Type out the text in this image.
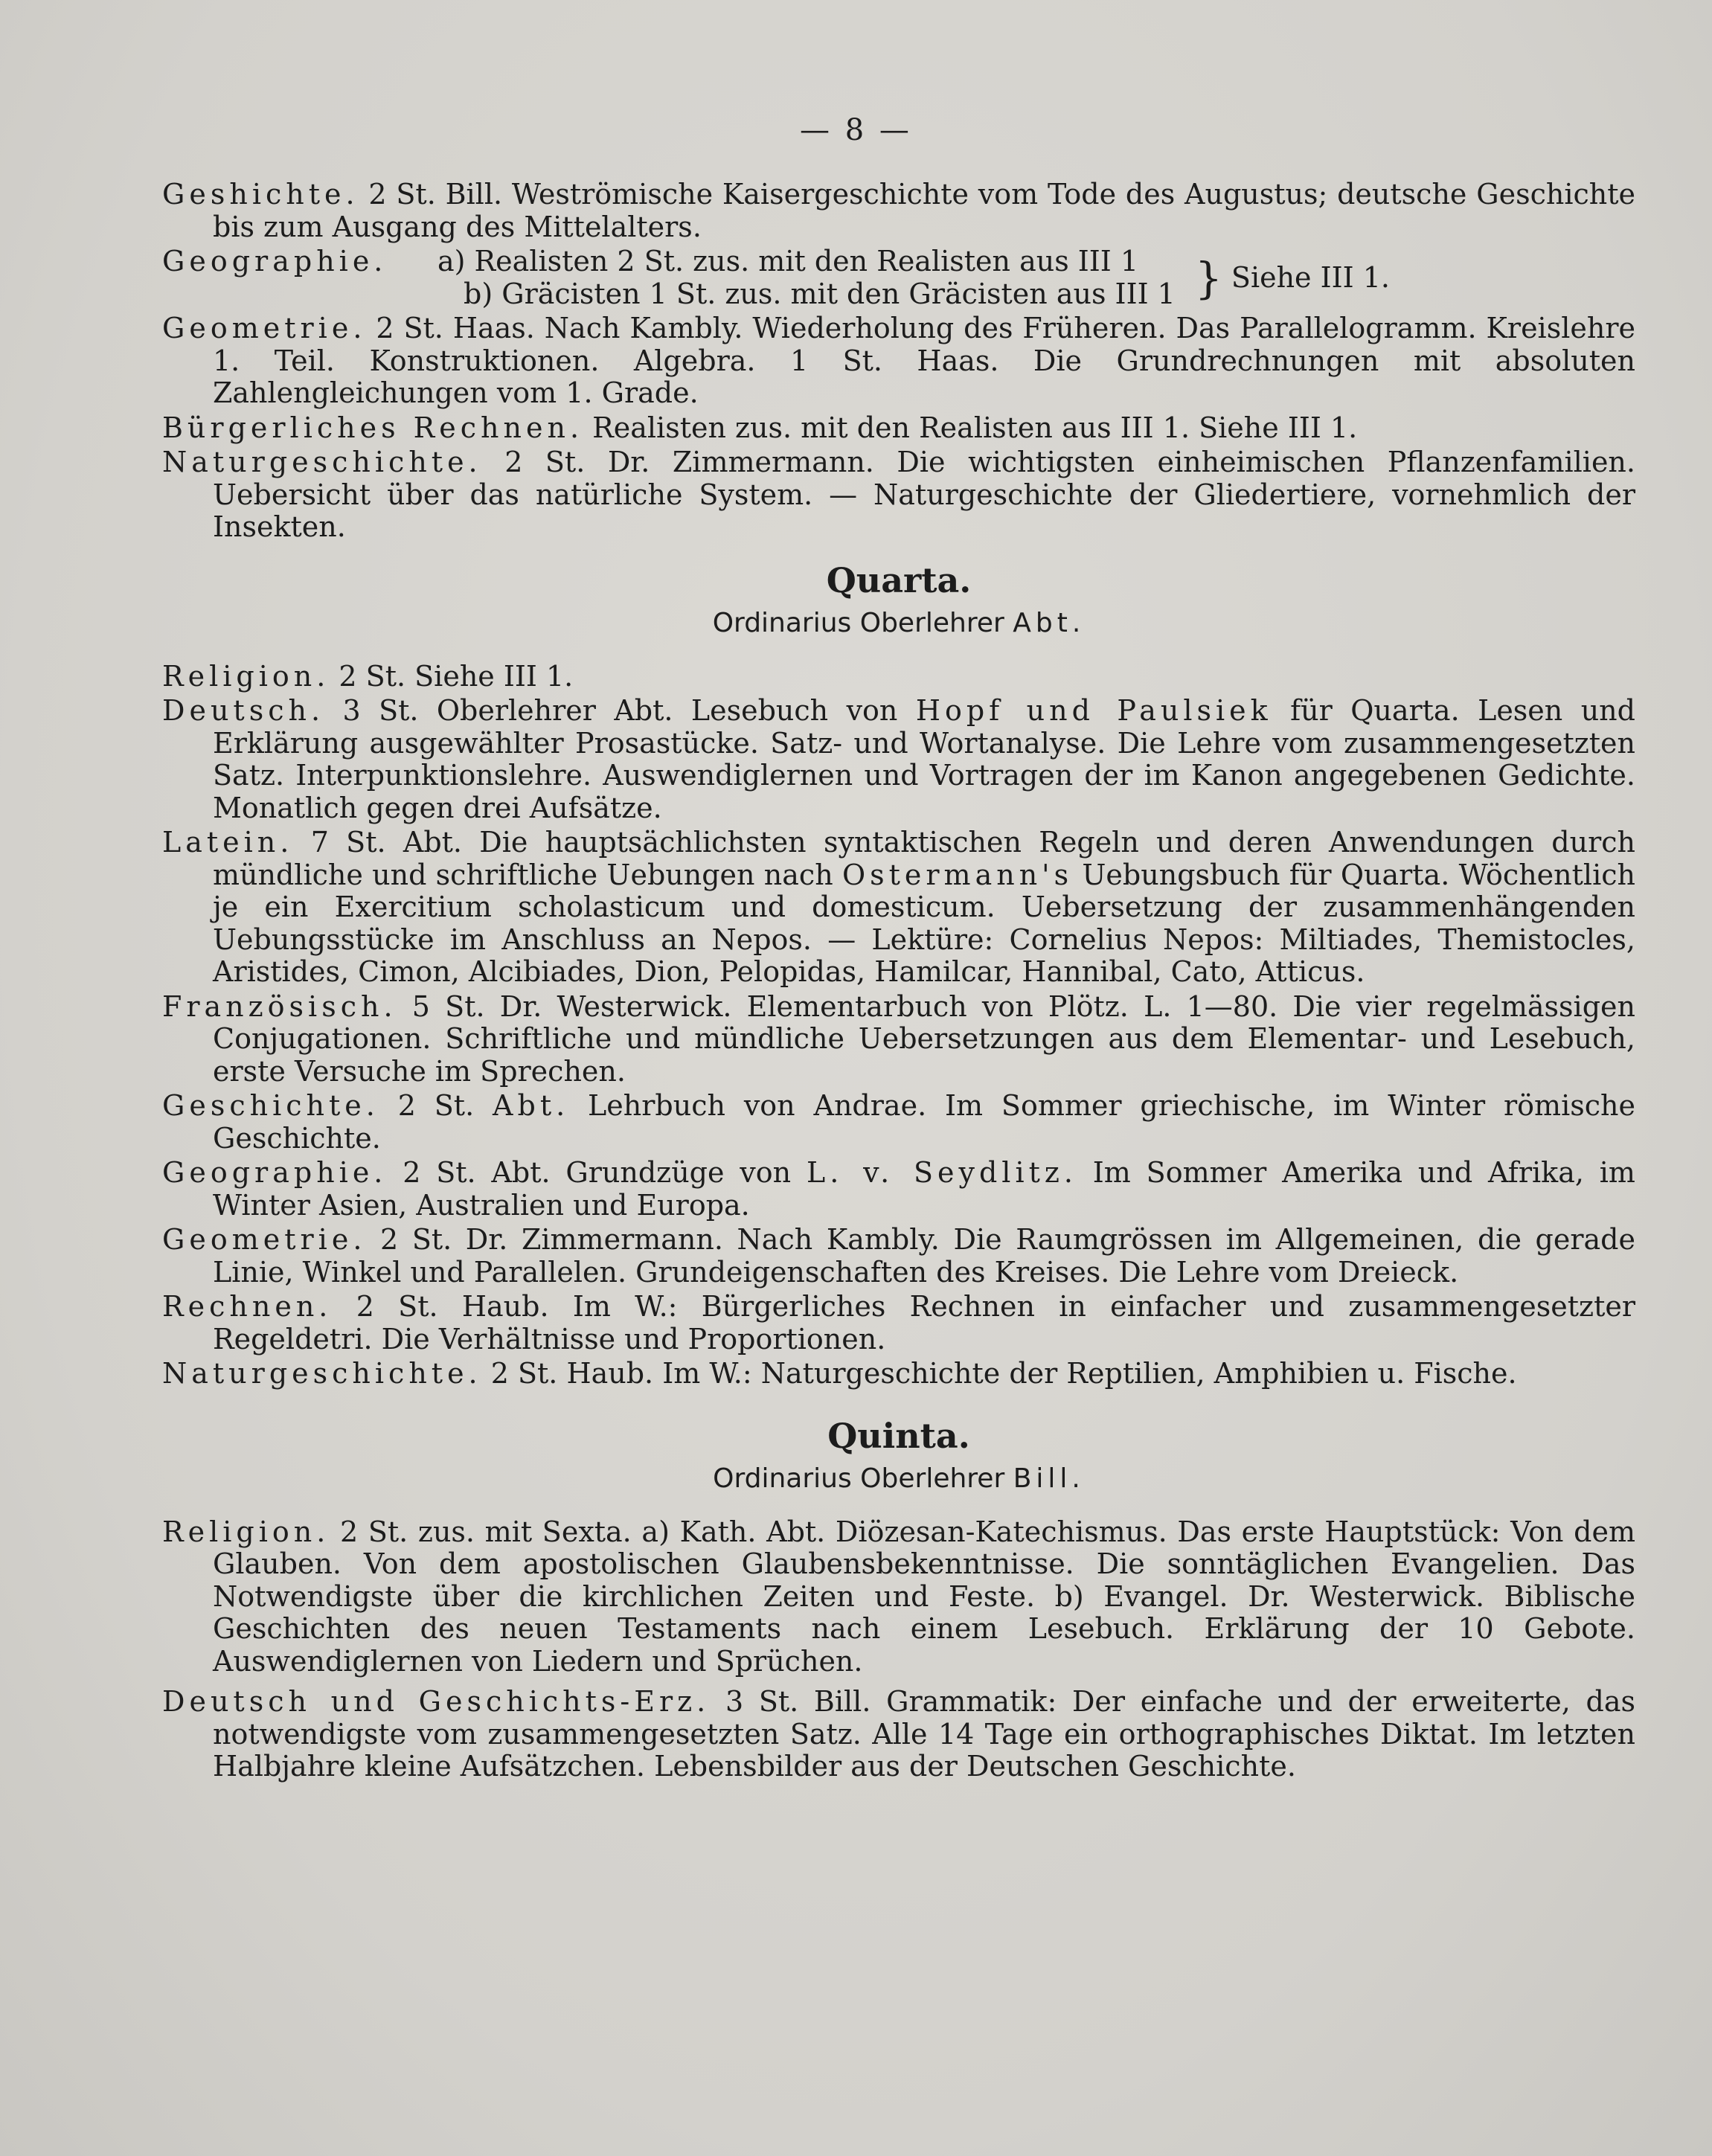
— 8 —

Geshichte. 2 St. Bill. Weströmische Kaisergeschichte vom Tode des Augustus; deutsche Geschichte bis zum Ausgang des Mittelalters.

Geographie. a) Realisten 2 St. zus. mit den Realisten aus III 1
b) Gräcisten 1 St. zus. mit den Gräcisten aus III 1 } Siehe III 1.

Geometrie. 2 St. Haas. Nach Kambly. Wiederholung des Früheren. Das Parallelogramm. Kreislehre 1. Teil. Konstruktionen. Algebra. 1 St. Haas. Die Grundrechnungen mit absoluten Zahlengleichungen vom 1. Grade.

Bürgerliches Rechnen. Realisten zus. mit den Realisten aus III 1. Siehe III 1.

Naturgeschichte. 2 St. Dr. Zimmermann. Die wichtigsten einheimischen Pflanzenfamilien. Uebersicht über das natürliche System. — Naturgeschichte der Gliedertiere, vornehmlich der Insekten.

Quarta.
Ordinarius Oberlehrer Abt.

Religion. 2 St. Siehe III 1.

Deutsch. 3 St. Oberlehrer Abt. Lesebuch von Hopf und Paulsiek für Quarta. Lesen und Erklärung ausgewählter Prosastücke. Satz- und Wortanalyse. Die Lehre vom zusammengesetzten Satz. Interpunktionslehre. Auswendiglernen und Vortragen der im Kanon angegebenen Gedichte. Monatlich gegen drei Aufsätze.

Latein. 7 St. Abt. Die hauptsächlichsten syntaktischen Regeln und deren Anwendungen durch mündliche und schriftliche Uebungen nach Ostermann's Uebungsbuch für Quarta. Wöchentlich je ein Exercitium scholasticum und domesticum. Uebersetzung der zusammenhängenden Uebungsstücke im Anschluss an Nepos. — Lektüre: Cornelius Nepos: Miltiades, Themistocles, Aristides, Cimon, Alcibiades, Dion, Pelopidas, Hamilcar, Hannibal, Cato, Atticus.

Französisch. 5 St. Dr. Westerwick. Elementarbuch von Plötz. L. 1—80. Die vier regelmässigen Conjugationen. Schriftliche und mündliche Uebersetzungen aus dem Elementar- und Lesebuch, erste Versuche im Sprechen.

Geschichte. 2 St. Abt. Lehrbuch von Andrae. Im Sommer griechische, im Winter römische Geschichte.

Geographie. 2 St. Abt. Grundzüge von L. v. Seydlitz. Im Sommer Amerika und Afrika, im Winter Asien, Australien und Europa.

Geometrie. 2 St. Dr. Zimmermann. Nach Kambly. Die Raumgrössen im Allgemeinen, die gerade Linie, Winkel und Parallelen. Grundeigenschaften des Kreises. Die Lehre vom Dreieck.

Rechnen. 2 St. Haub. Im W.: Bürgerliches Rechnen in einfacher und zusammengesetzter Regeldetri. Die Verhältnisse und Proportionen.

Naturgeschichte. 2 St. Haub. Im W.: Naturgeschichte der Reptilien, Amphibien u. Fische.

Quinta.
Ordinarius Oberlehrer Bill.

Religion. 2 St. zus. mit Sexta. a) Kath. Abt. Diözesan-Katechismus. Das erste Hauptstück: Von dem Glauben. Von dem apostolischen Glaubensbekenntnisse. Die sonntäglichen Evangelien. Das Notwendigste über die kirchlichen Zeiten und Feste. b) Evangel. Dr. Westerwick. Biblische Geschichten des neuen Testaments nach einem Lesebuch. Erklärung der 10 Gebote. Auswendiglernen von Liedern und Sprüchen.

Deutsch und Geschichts-Erz. 3 St. Bill. Grammatik: Der einfache und der erweiterte, das notwendigste vom zusammengesetzten Satz. Alle 14 Tage ein orthographisches Diktat. Im letzten Halbjahre kleine Aufsätzchen. Lebensbilder aus der Deutschen Geschichte.
